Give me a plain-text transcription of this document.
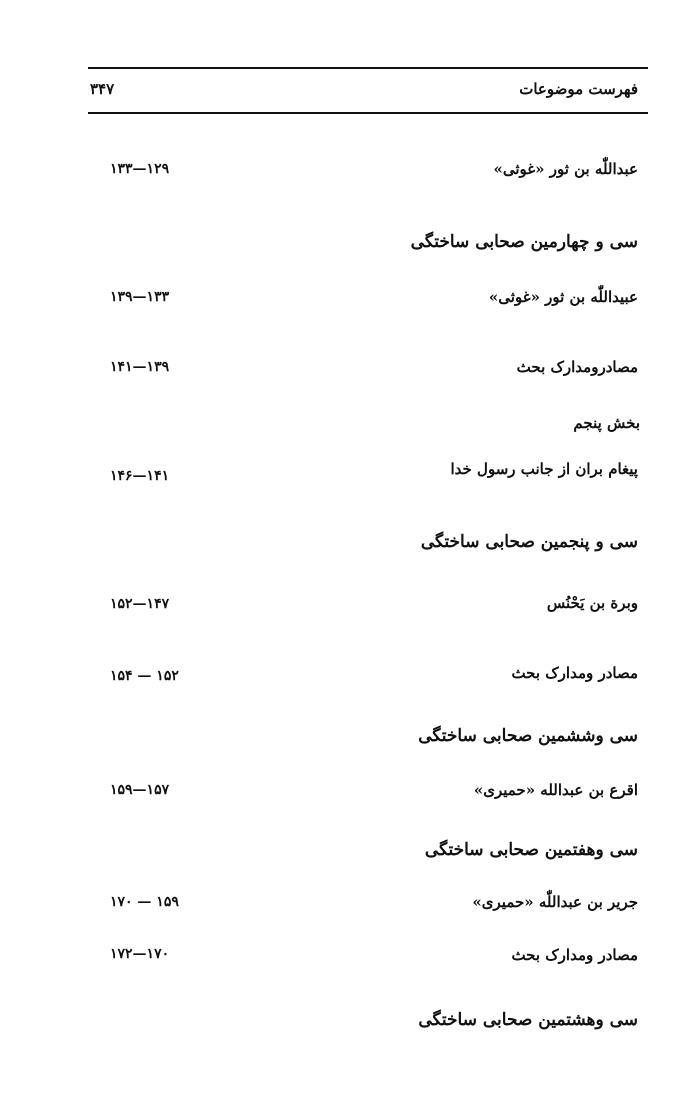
فهرست موضوعات
۳۴۷
عبداللّٰه بن ثور «غوثی»
۱۳۳—۱۲۹
سی و چهارمین صحابی ساختگی
عبیداللّٰه بن ثور «غوثی»
۱۳۹—۱۳۳
مصادرومدارک بحث
۱۴۱—۱۳۹
بخش پنجم
پیغام بران از جانب رسول خدا
۱۴۶—۱۴۱
سی و پنجمین صحابی ساختگی
وبرة بن یَحْنُس
۱۵۲—۱۴۷
مصادر ومدارک بحث
۱۵۴ — ۱۵۲
سی وششمین صحابی ساختگی
اقرع بن عبدالله «حمیری»
۱۵۹—۱۵۷
سی وهفتمین صحابی ساختگی
جریر بن عبداللّٰه «حمیری»
۱۷۰ — ۱۵۹
مصادر ومدارک بحث
۱۷۲—۱۷۰
سی وهشتمین صحابی ساختگی
